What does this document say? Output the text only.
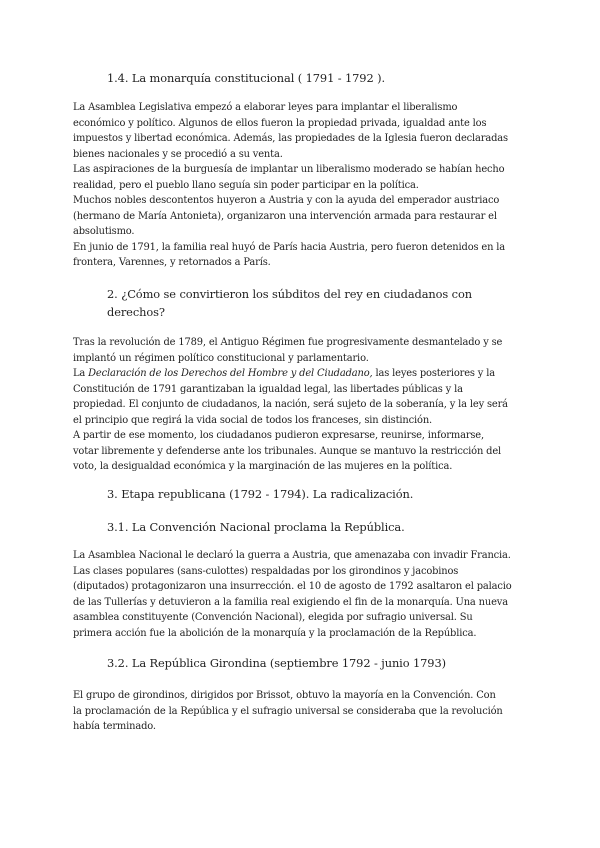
1.4. La monarquía constitucional ( 1791 - 1792 ).
La Asamblea Legislativa empezó a elaborar leyes para implantar el liberalismo
económico y político. Algunos de ellos fueron la propiedad privada, igualdad ante los
impuestos y libertad económica. Además, las propiedades de la Iglesia fueron declaradas
bienes nacionales y se procedió a su venta.
Las aspiraciones de la burguesía de implantar un liberalismo moderado se habían hecho
realidad, pero el pueblo llano seguía sin poder participar en la política.
Muchos nobles descontentos huyeron a Austria y con la ayuda del emperador austriaco
(hermano de María Antonieta), organizaron una intervención armada para restaurar el
absolutismo.
En junio de 1791, la familia real huyó de París hacia Austria, pero fueron detenidos en la
frontera, Varennes, y retornados a París.
2. ¿Cómo se convirtieron los súbditos del rey en ciudadanos con
derechos?
Tras la revolución de 1789, el Antiguo Régimen fue progresivamente desmantelado y se
implantó un régimen político constitucional y parlamentario.
La Declaración de los Derechos del Hombre y del Ciudadano, las leyes posteriores y la
Constitución de 1791 garantizaban la igualdad legal, las libertades públicas y la
propiedad. El conjunto de ciudadanos, la nación, será sujeto de la soberanía, y la ley será
el principio que regirá la vida social de todos los franceses, sin distinción.
A partir de ese momento, los ciudadanos pudieron expresarse, reunirse, informarse,
votar libremente y defenderse ante los tribunales. Aunque se mantuvo la restricción del
voto, la desigualdad económica y la marginación de las mujeres en la política.
3. Etapa republicana (1792 - 1794). La radicalización.
3.1. La Convención Nacional proclama la República.
La Asamblea Nacional le declaró la guerra a Austria, que amenazaba con invadir Francia.
Las clases populares (sans-culottes) respaldadas por los girondinos y jacobinos
(diputados) protagonizaron una insurrección. el 10 de agosto de 1792 asaltaron el palacio
de las Tullerías y detuvieron a la familia real exigiendo el fin de la monarquía. Una nueva
asamblea constituyente (Convención Nacional), elegida por sufragio universal. Su
primera acción fue la abolición de la monarquía y la proclamación de la República.
3.2. La República Girondina (septiembre 1792 - junio 1793)
El grupo de girondinos, dirigidos por Brissot, obtuvo la mayoría en la Convención. Con
la proclamación de la República y el sufragio universal se consideraba que la revolución
había terminado.
